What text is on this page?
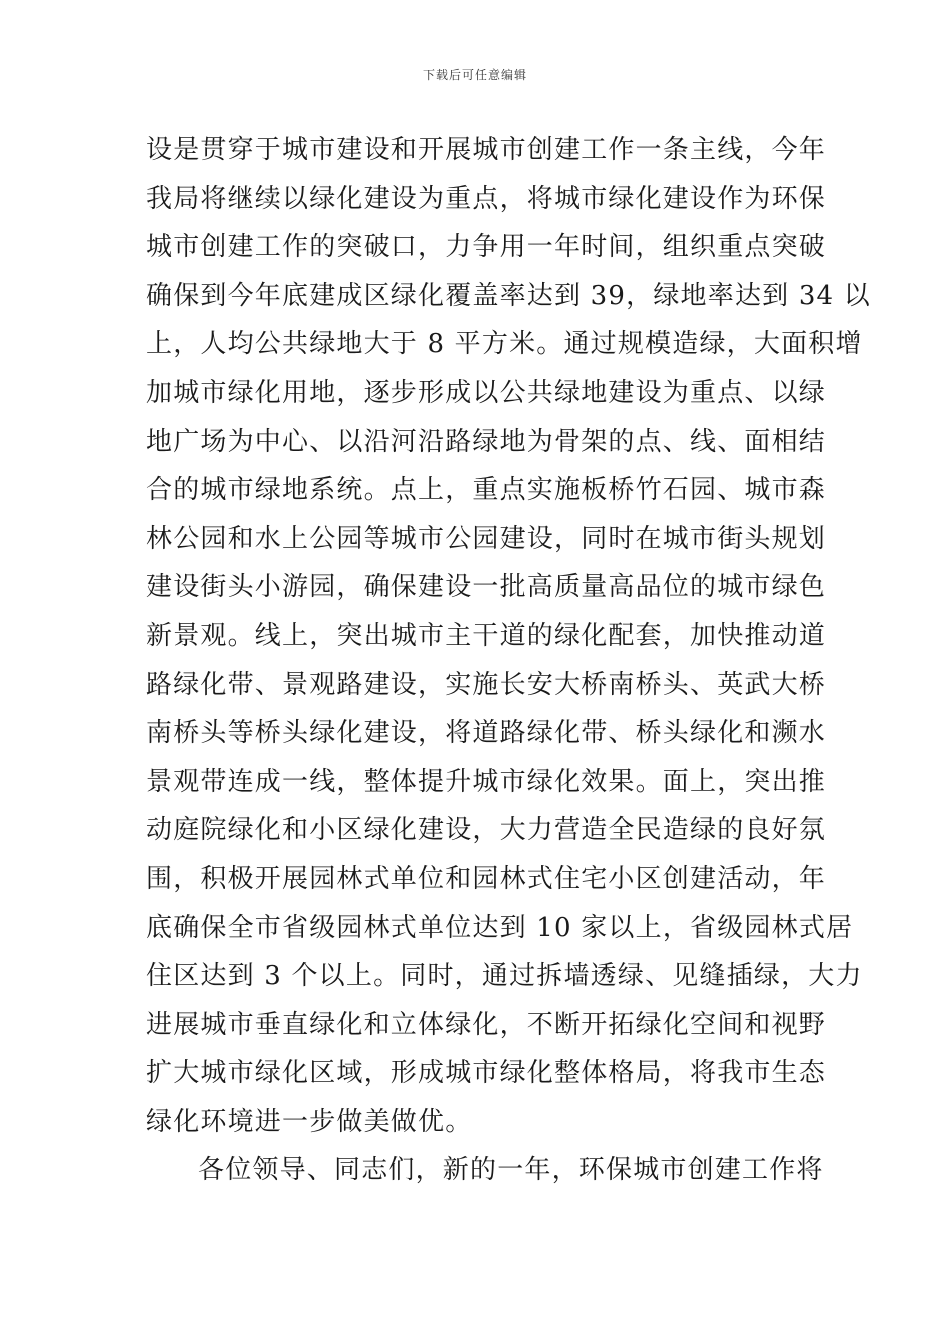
下载后可任意编辑
设是贯穿于城市建设和开展城市创建工作一条主线，今年
我局将继续以绿化建设为重点，将城市绿化建设作为环保
城市创建工作的突破口，力争用一年时间，组织重点突破
确保到今年底建成区绿化覆盖率达到 39，绿地率达到 34 以
上，人均公共绿地大于 8 平方米。通过规模造绿，大面积增
加城市绿化用地，逐步形成以公共绿地建设为重点、以绿
地广场为中心、以沿河沿路绿地为骨架的点、线、面相结
合的城市绿地系统。点上，重点实施板桥竹石园、城市森
林公园和水上公园等城市公园建设，同时在城市街头规划
建设街头小游园，确保建设一批高质量高品位的城市绿色
新景观。线上，突出城市主干道的绿化配套，加快推动道
路绿化带、景观路建设，实施长安大桥南桥头、英武大桥
南桥头等桥头绿化建设，将道路绿化带、桥头绿化和濒水
景观带连成一线，整体提升城市绿化效果。面上，突出推
动庭院绿化和小区绿化建设，大力营造全民造绿的良好氛
围，积极开展园林式单位和园林式住宅小区创建活动，年
底确保全市省级园林式单位达到 10 家以上，省级园林式居
住区达到 3 个以上。同时，通过拆墙透绿、见缝插绿，大力
进展城市垂直绿化和立体绿化，不断开拓绿化空间和视野
扩大城市绿化区域，形成城市绿化整体格局，将我市生态
绿化环境进一步做美做优。
各位领导、同志们，新的一年，环保城市创建工作将
